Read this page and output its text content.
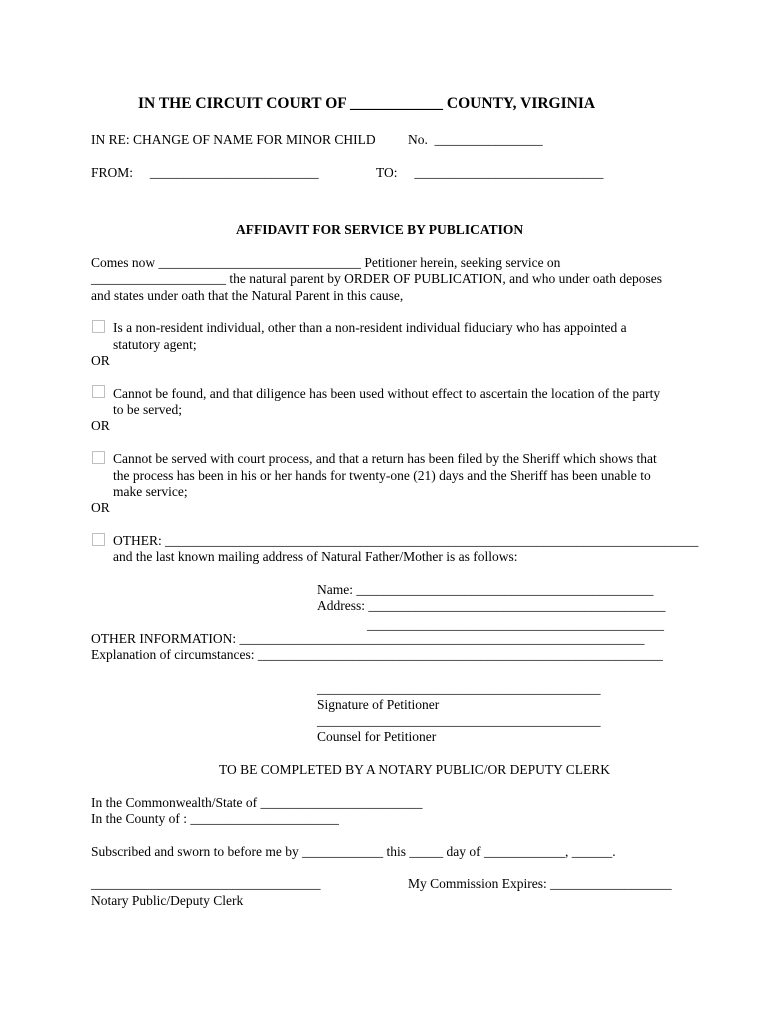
IN THE CIRCUIT COURT OF ____________ COUNTY, VIRGINIA
IN RE: CHANGE OF NAME FOR MINOR CHILD No.  ________________
FROM:     _________________________	TO:     ____________________________
AFFIDAVIT FOR SERVICE BY PUBLICATION
Comes now ______________________________ Petitioner herein, seeking service on
____________________ the natural parent by ORDER OF PUBLICATION, and who under oath deposes
and states under oath that the Natural Parent in this cause,
Is a non-resident individual, other than a non-resident individual fiduciary who has appointed a
statutory agent;
OR
Cannot be found, and that diligence has been used without effect to ascertain the location of the party
to be served;
OR
Cannot be served with court process, and that a return has been filed by the Sheriff which shows that
the process has been in his or her hands for twenty-one (21) days and the Sheriff has been unable to
make service;
OR
OTHER: _______________________________________________________________________________
and the last known mailing address of Natural Father/Mother is as follows:
Name: ____________________________________________
Address: ____________________________________________
____________________________________________
OTHER INFORMATION: ____________________________________________________________
Explanation of circumstances: ____________________________________________________________
__________________________________________
Signature of Petitioner
__________________________________________
Counsel for Petitioner
TO BE COMPLETED BY A NOTARY PUBLIC/OR DEPUTY CLERK
In the Commonwealth/State of ________________________
In the County of : ______________________
Subscribed and sworn to before me by ____________ this _____ day of ____________, ______.
__________________________________	My Commission Expires: __________________
Notary Public/Deputy Clerk
